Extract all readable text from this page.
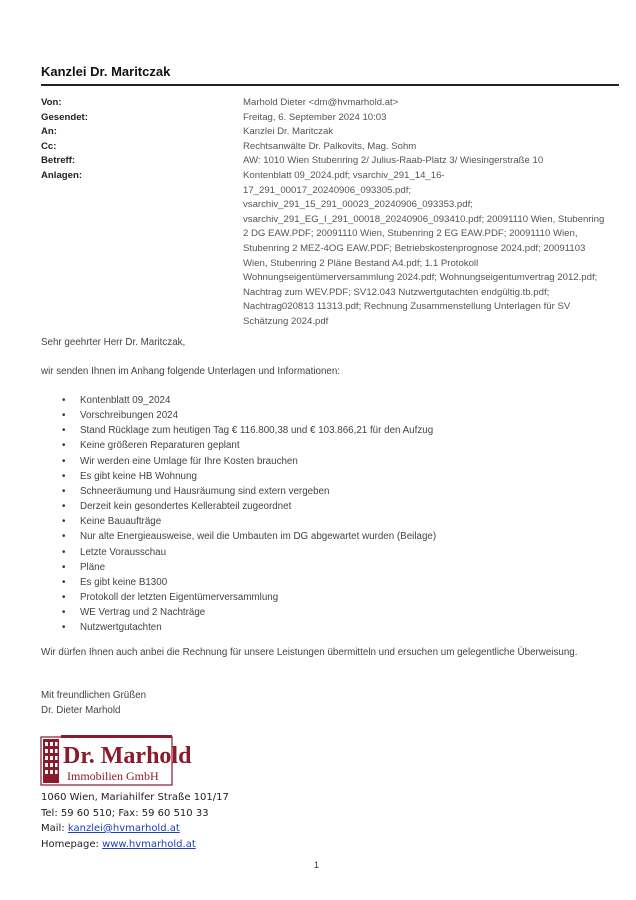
Kanzlei Dr. Maritczak
Von:	Marhold Dieter <dm@hvmarhold.at>
Gesendet:	Freitag, 6. September 2024 10:03
An:	Kanzlei Dr. Maritczak
Cc:	Rechtsanwälte Dr. Palkovits, Mag. Sohm
Betreff:	AW: 1010 Wien Stubenring 2/ Julius-Raab-Platz 3/ Wiesingerstraße 10
Anlagen:	Kontenblatt 09_2024.pdf; vsarchiv_291_14_16-17_291_00017_20240906_093305.pdf; vsarchiv_291_15_291_00023_20240906_093353.pdf; vsarchiv_291_EG_I_291_00018_20240906_093410.pdf; 20091110 Wien, Stubenring 2 DG EAW.PDF; 20091110 Wien, Stubenring 2 EG EAW.PDF; 20091110 Wien, Stubenring 2 MEZ-4OG EAW.PDF; Betriebskostenprognose 2024.pdf; 20091103 Wien, Stubenring 2 Pläne Bestand A4.pdf; 1.1 Protokoll Wohnungseigentümerversammlung 2024.pdf; Wohnungseigentumvertrag 2012.pdf; Nachtrag zum WEV.PDF; SV12.043 Nutzwertgutachten endgültig.tb.pdf; Nachtrag020813 11313.pdf; Rechnung Zusammenstellung Unterlagen für SV Schätzung 2024.pdf
Sehr geehrter Herr Dr. Maritczak,
wir senden Ihnen im Anhang folgende Unterlagen und Informationen:
• Kontenblatt 09_2024
• Vorschreibungen 2024
• Stand Rücklage zum heutigen Tag € 116.800,38 und € 103.866,21 für den Aufzug
• Keine größeren Reparaturen geplant
• Wir werden eine Umlage für Ihre Kosten brauchen
• Es gibt keine HB Wohnung
• Schneeräumung und Hausräumung sind extern vergeben
• Derzeit kein gesondertes Kellerabteil zugeordnet
• Keine Bauaufträge
• Nur alte Energieausweise, weil die Umbauten im DG abgewartet wurden (Beilage)
• Letzte Vorausschau
• Pläne
• Es gibt keine B1300
• Protokoll der letzten Eigentümerversammlung
• WE Vertrag und 2 Nachträge
• Nutzwertgutachten
Wir dürfen Ihnen auch anbei die Rechnung für unsere Leistungen übermitteln und ersuchen um gelegentliche Überweisung.
Mit freundlichen Grüßen
Dr. Dieter Marhold
Dr. Marhold
Immobilien GmbH
1060 Wien, Mariahilfer Straße 101/17
Tel: 59 60 510; Fax: 59 60 510 33
Mail: kanzlei@hvmarhold.at
Homepage: www.hvmarhold.at
1
